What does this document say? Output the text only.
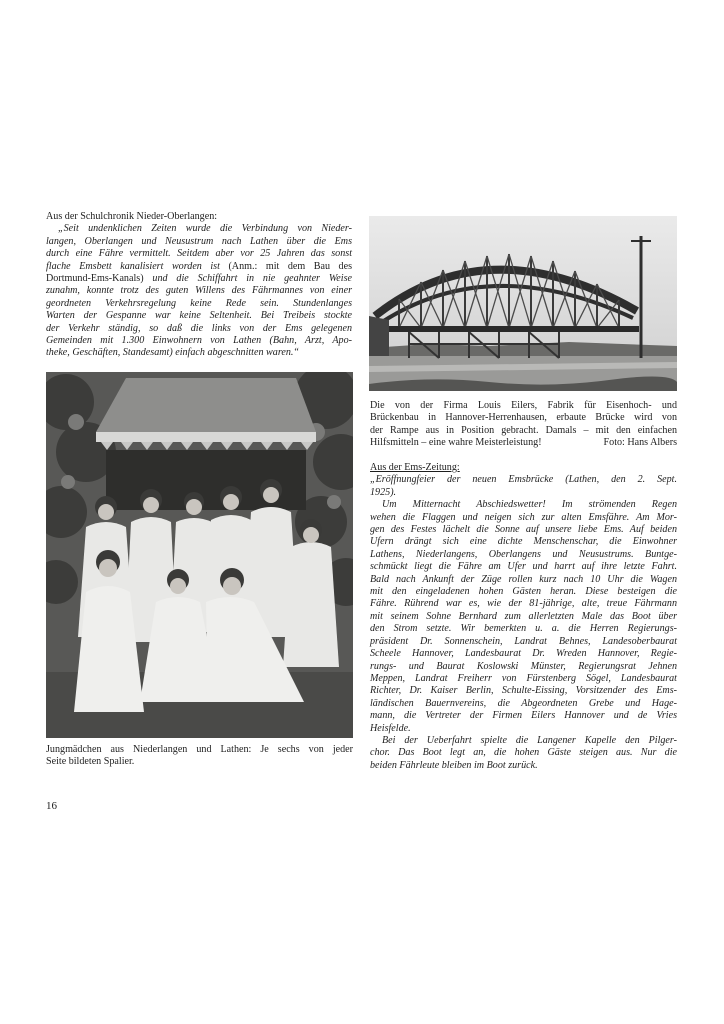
Aus der Schulchronik Nieder-Oberlangen:
„Seit undenklichen Zeiten wurde die Verbindung von Nieder-
langen, Oberlangen und Neusustrum nach Lathen über die Ems
durch eine Fähre vermittelt. Seitdem aber vor 25 Jahren das sonst
flache Emsbett kanalisiert worden ist (Anm.: mit dem Bau des
Dortmund-Ems-Kanals) und die Schiffahrt in nie geahnter Weise
zunahm, konnte trotz des guten Willens des Fährmannes von einer
geordneten Verkehrsregelung keine Rede sein. Stundenlanges
Warten der Gespanne war keine Seltenheit. Bei Treibeis stockte
der Verkehr ständig, so daß die links von der Ems gelegenen
Gemeinden mit 1.300 Einwohnern von Lathen (Bahn, Arzt, Apo-
theke, Geschäften, Standesamt) einfach abgeschnitten waren.“
Jungmädchen aus Niederlangen und Lathen: Je sechs von jeder
Seite bildeten Spalier.
Die von der Firma Louis Eilers, Fabrik für Eisenhoch- und
Brückenbau in Hannover-Herrenhausen, erbaute Brücke wird von
der Rampe aus in Position gebracht. Damals – mit den einfachen
Hilfsmitteln – eine wahre Meisterleistung!	Foto: Hans Albers
Aus der Ems-Zeitung:
„Eröffnungfeier der neuen Emsbrücke (Lathen, den 2. Sept.
1925).
Um Mitternacht Abschiedswetter! Im strömenden Regen
wehen die Flaggen und neigen sich zur alten Emsfähre. Am Mor-
gen des Festes lächelt die Sonne auf unsere liebe Ems. Auf beiden
Ufern drängt sich eine dichte Menschenschar, die Einwohner
Lathens, Niederlangens, Oberlangens und Neusustrums. Buntge-
schmückt liegt die Fähre am Ufer und harrt auf ihre letzte Fahrt.
Bald nach Ankunft der Züge rollen kurz nach 10 Uhr die Wagen
mit den eingeladenen hohen Gästen heran. Diese besteigen die
Fähre. Rührend war es, wie der 81-jährige, alte, treue Fährmann
mit seinem Sohne Bernhard zum allerletzten Male das Boot über
den Strom setzte. Wir bemerkten u. a. die Herren Regierungs-
präsident Dr. Sonnenschein, Landrat Behnes, Landesoberbaurat
Scheele Hannover, Landesbaurat Dr. Wreden Hannover, Regie-
rungs- und Baurat Koslowski Münster, Regierungsrat Jehnen
Meppen, Landrat Freiherr von Fürstenberg Sögel, Landesbaurat
Richter, Dr. Kaiser Berlin, Schulte-Eissing, Vorsitzender des Ems-
ländischen Bauernvereins, die Abgeordneten Grebe und Hage-
mann, die Vertreter der Firmen Eilers Hannover und de Vries
Heisfelde.
Bei der Ueberfahrt spielte die Langener Kapelle den Pilger-
chor. Das Boot legt an, die hohen Gäste steigen aus. Nur die
beiden Fährleute bleiben im Boot zurück.
16
